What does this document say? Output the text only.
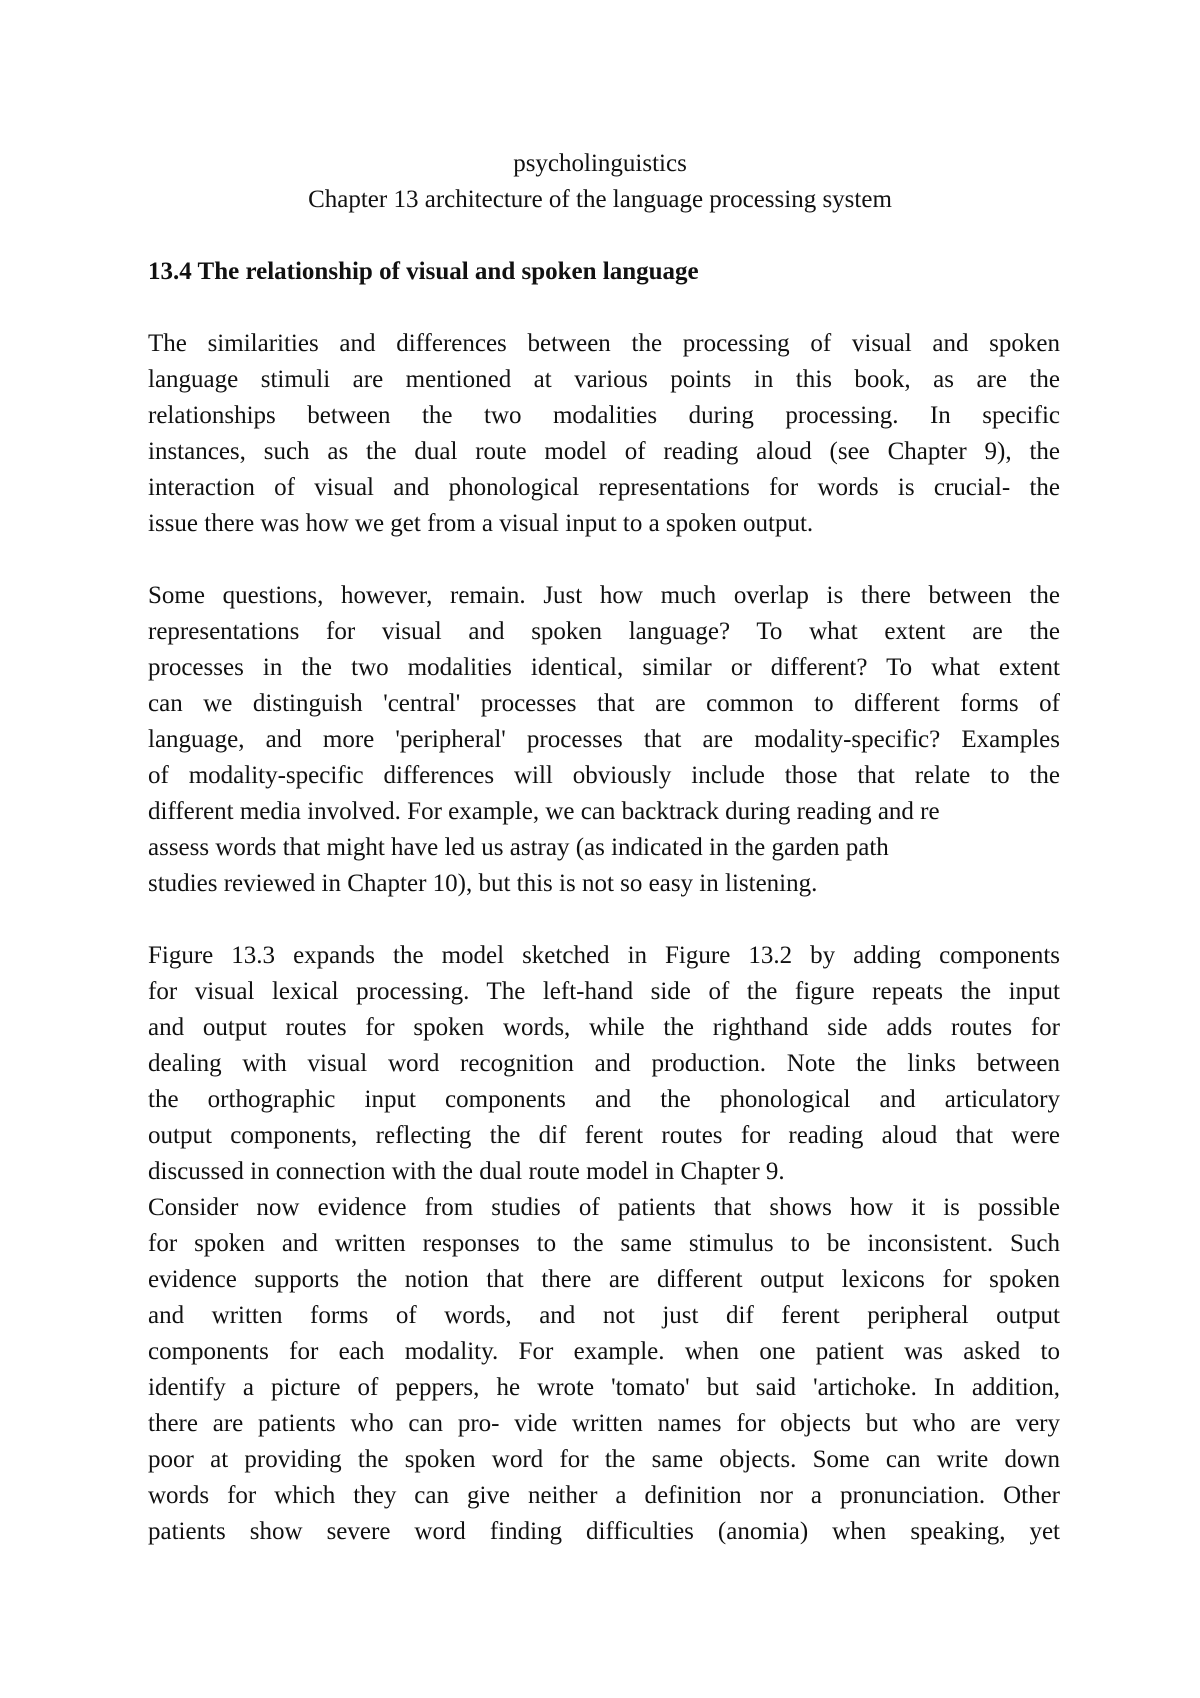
psycholinguistics
Chapter 13 architecture of the language processing system
13.4 The relationship of visual and spoken language
The similarities and differences between the processing of visual and spoken
language stimuli are mentioned at various points in this book, as are the
relationships between the two modalities during processing. In specific
instances, such as the dual route model of reading aloud (see Chapter 9), the
interaction of visual and phonological representations for words is crucial- the
issue there was how we get from a visual input to a spoken output.
Some questions, however, remain. Just how much overlap is there between the
representations for visual and spoken language? To what extent are the
processes in the two modalities identical, similar or different? To what extent
can we distinguish 'central' processes that are common to different forms of
language, and more 'peripheral' processes that are modality-specific? Examples
of modality-specific differences will obviously include those that relate to the
different media involved. For example, we can backtrack during reading and re
assess words that might have led us astray (as indicated in the garden path
studies reviewed in Chapter 10), but this is not so easy in listening.
Figure 13.3 expands the model sketched in Figure 13.2 by adding components
for visual lexical processing. The left-hand side of the figure repeats the input
and output routes for spoken words, while the righthand side adds routes for
dealing with visual word recognition and production. Note the links between
the orthographic input components and the phonological and articulatory
output components, reflecting the dif ferent routes for reading aloud that were
discussed in connection with the dual route model in Chapter 9.
Consider now evidence from studies of patients that shows how it is possible
for spoken and written responses to the same stimulus to be inconsistent. Such
evidence supports the notion that there are different output lexicons for spoken
and written forms of words, and not just dif ferent peripheral output
components for each modality. For example. when one patient was asked to
identify a picture of peppers, he wrote 'tomato' but said 'artichoke. In addition,
there are patients who can pro- vide written names for objects but who are very
poor at providing the spoken word for the same objects. Some can write down
words for which they can give neither a definition nor a pronunciation. Other
patients show severe word finding difficulties (anomia) when speaking, yet
